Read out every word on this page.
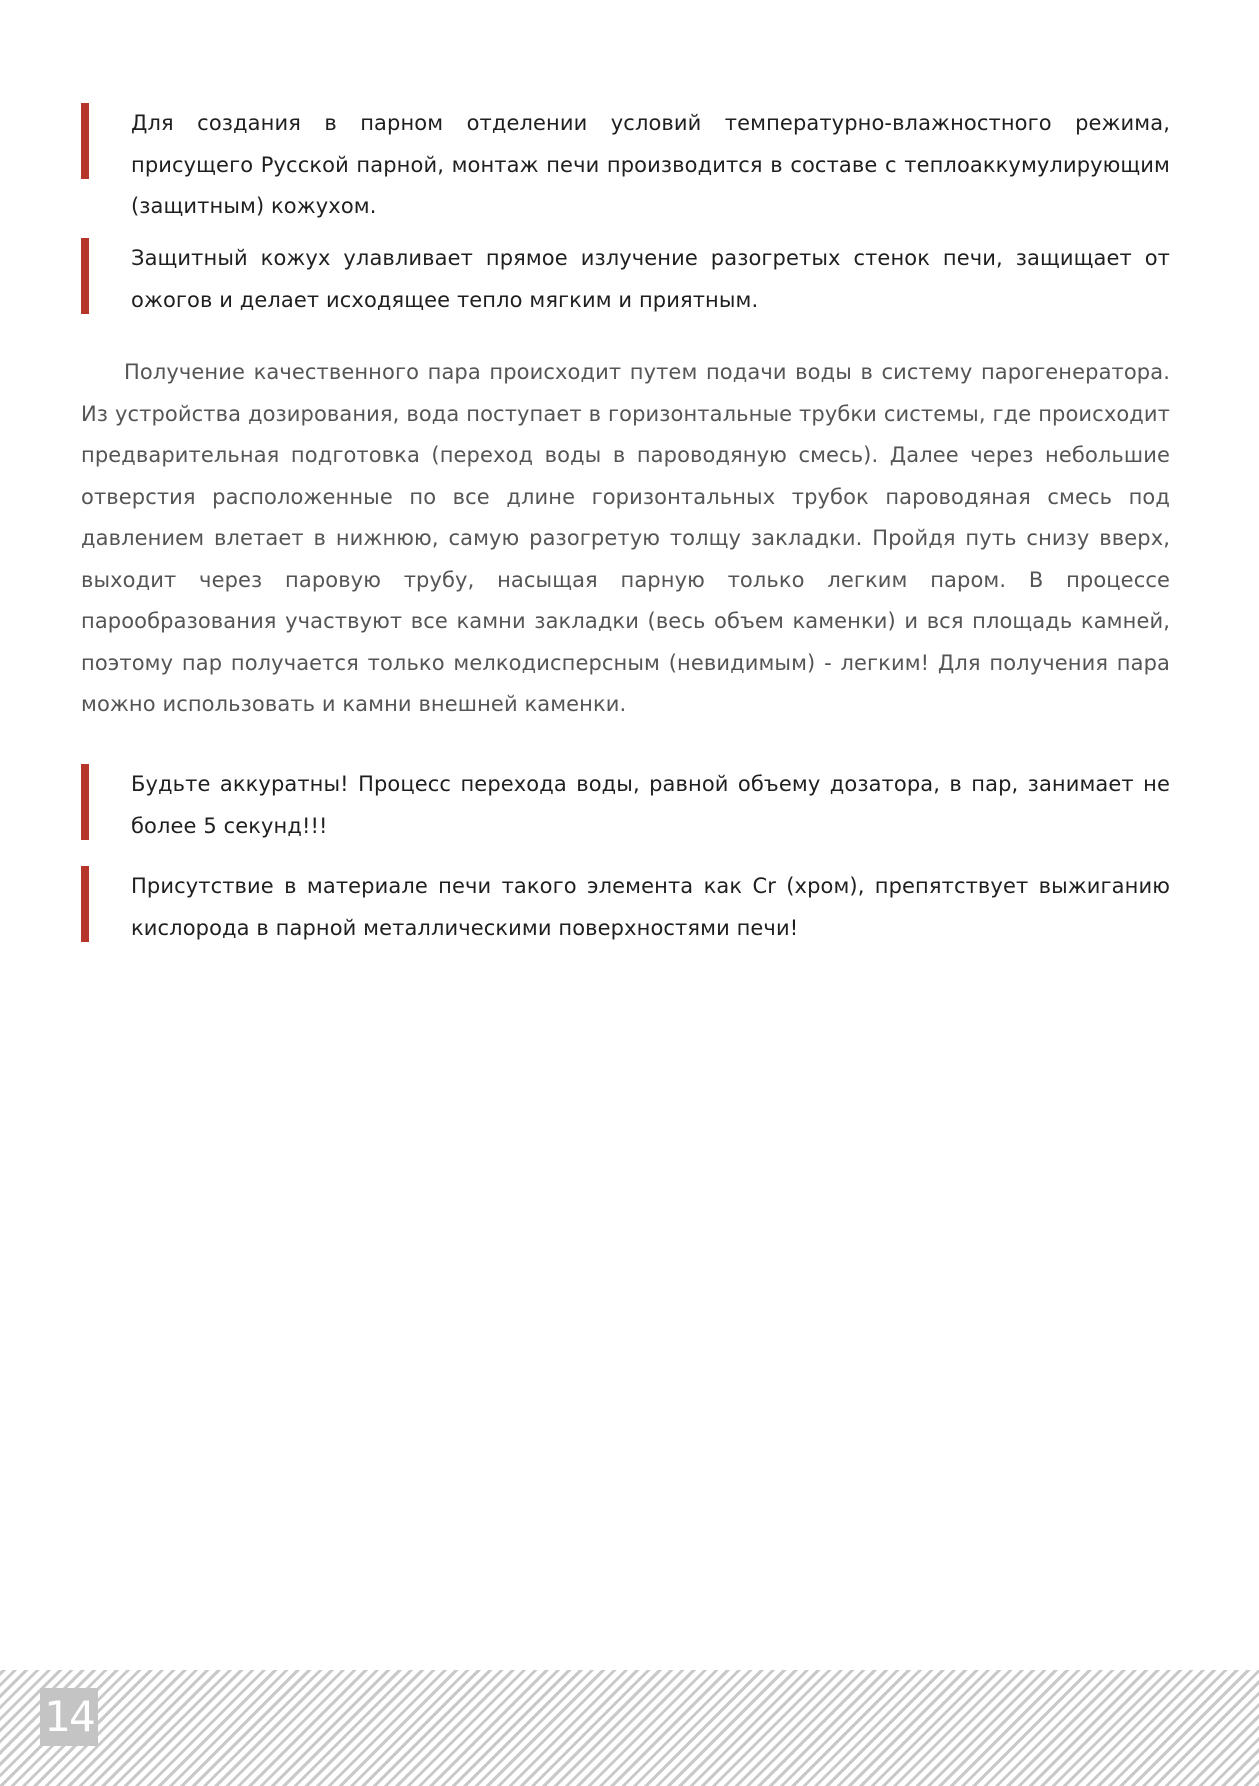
Для создания в парном отделении условий температурно-влажностного режима, присущего Русской парной, монтаж печи производится в составе с теплоаккумулирующим (защитным) кожухом.
Защитный кожух улавливает прямое излучение разогретых стенок печи, защищает от ожогов и делает исходящее тепло мягким и приятным.
Получение качественного пара происходит путем подачи воды в систему парогенератора. Из устройства дозирования, вода поступает в горизонтальные трубки системы, где происходит предварительная подготовка (переход воды в пароводяную смесь). Далее через небольшие отверстия расположенные по все длине горизонтальных трубок пароводяная смесь под давлением влетает в нижнюю, самую разогретую толщу закладки. Пройдя путь снизу вверх, выходит через паровую трубу, насыщая парную только легким паром. В процессе парообразования участвуют все камни закладки (весь объем каменки) и вся площадь камней, поэтому пар получается только мелкодисперсным (невидимым) - легким! Для получения пара можно использовать и камни внешней каменки.
Будьте аккуратны! Процесс перехода воды, равной объему дозатора, в пар, занимает не более 5 секунд!!!
Присутствие в материале печи такого элемента как Cr (хром), препятствует выжиганию кислорода в парной металлическими поверхностями печи!
14
